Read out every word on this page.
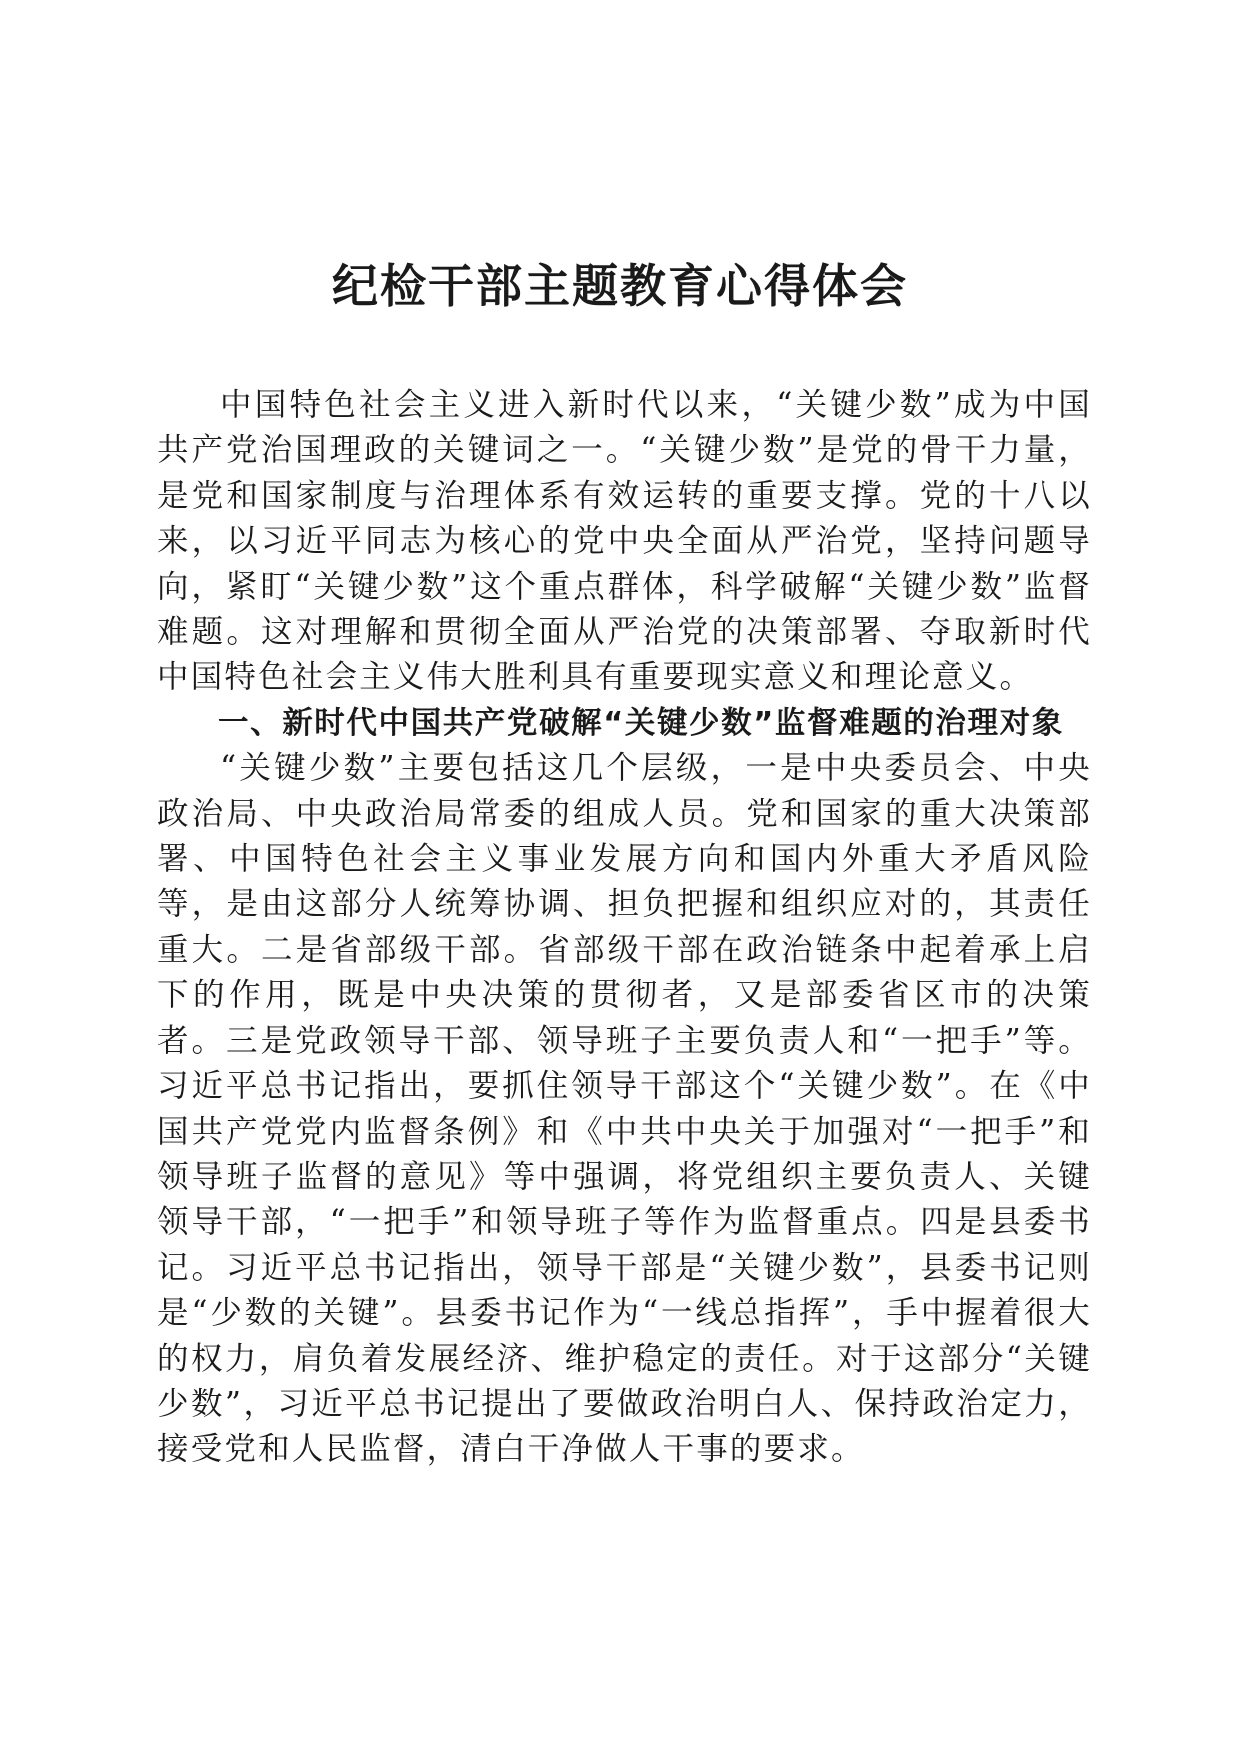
纪检干部主题教育心得体会

中国特色社会主义进入新时代以来，“关键少数”成为中国共产党治国理政的关键词之一。“关键少数”是党的骨干力量，是党和国家制度与治理体系有效运转的重要支撑。党的十八以来，以习近平同志为核心的党中央全面从严治党，坚持问题导向，紧盯“关键少数”这个重点群体，科学破解“关键少数”监督难题。这对理解和贯彻全面从严治党的决策部署、夺取新时代中国特色社会主义伟大胜利具有重要现实意义和理论意义。

一、新时代中国共产党破解“关键少数”监督难题的治理对象

“关键少数”主要包括这几个层级，一是中央委员会、中央政治局、中央政治局常委的组成人员。党和国家的重大决策部署、中国特色社会主义事业发展方向和国内外重大矛盾风险等，是由这部分人统筹协调、担负把握和组织应对的，其责任重大。二是省部级干部。省部级干部在政治链条中起着承上启下的作用，既是中央决策的贯彻者，又是部委省区市的决策者。三是党政领导干部、领导班子主要负责人和“一把手”等。习近平总书记指出，要抓住领导干部这个“关键少数”。在《中国共产党党内监督条例》和《中共中央关于加强对“一把手”和领导班子监督的意见》等中强调，将党组织主要负责人、关键领导干部，“一把手”和领导班子等作为监督重点。四是县委书记。习近平总书记指出，领导干部是“关键少数”，县委书记则是“少数的关键”。县委书记作为“一线总指挥”，手中握着很大的权力，肩负着发展经济、维护稳定的责任。对于这部分“关键少数”，习近平总书记提出了要做政治明白人、保持政治定力，接受党和人民监督，清白干净做人干事的要求。
